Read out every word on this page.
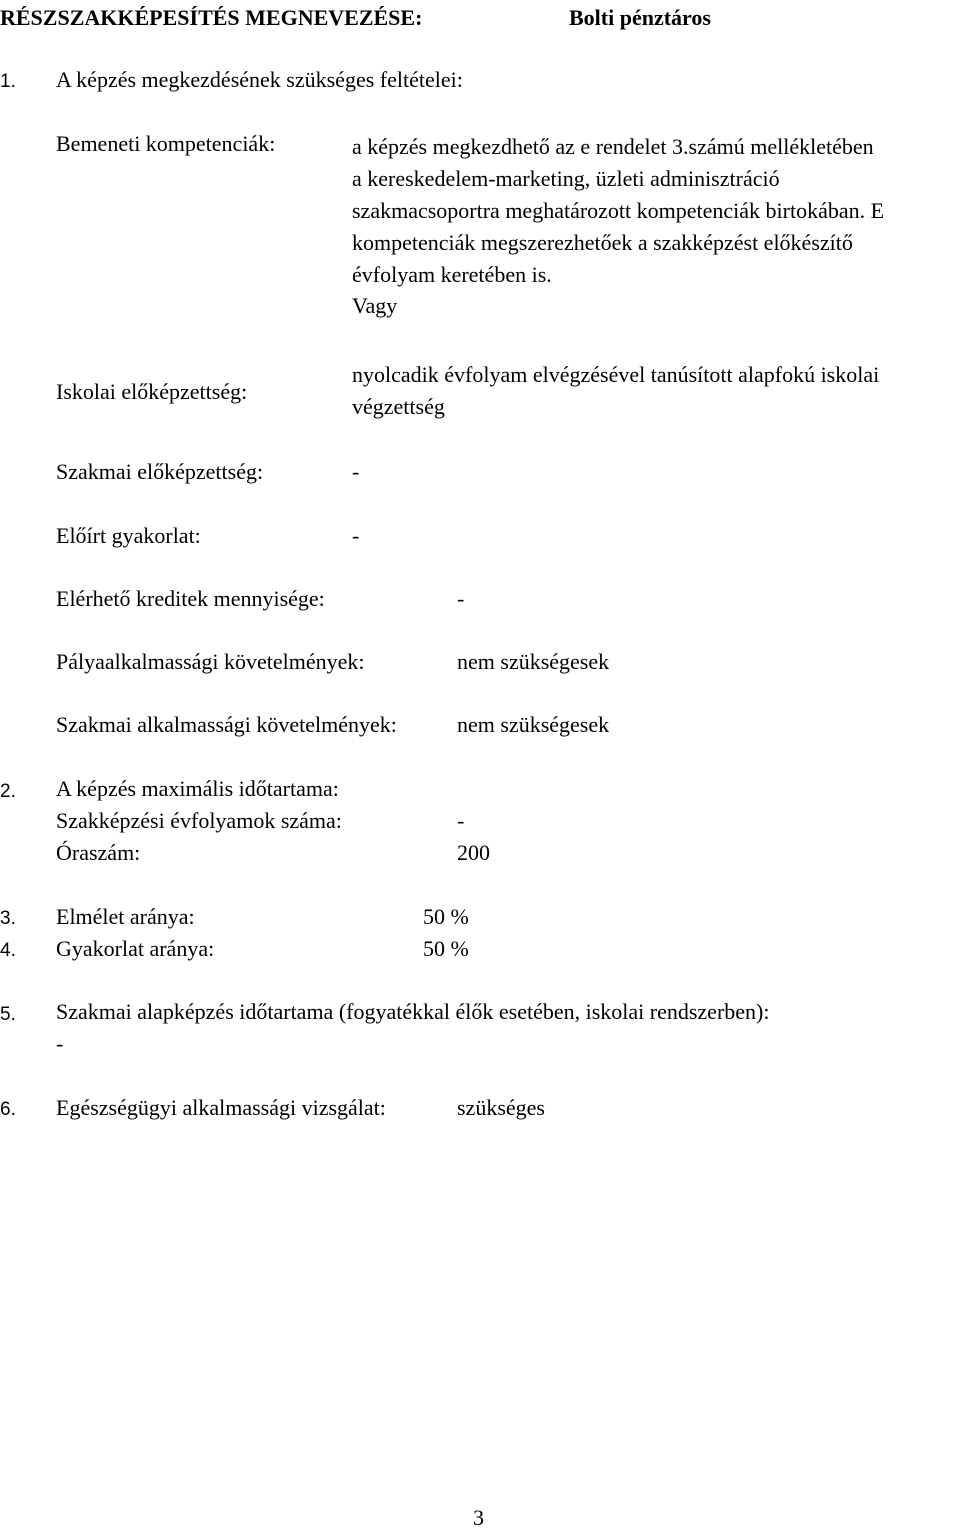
RÉSZSZAKKÉPESÍTÉS MEGNEVEZÉSE:	Bolti pénztáros
1. A képzés megkezdésének szükséges feltételei:
Bemeneti kompetenciák:	a képzés megkezdhető az e rendelet 3.számú mellékletében
a kereskedelem-marketing, üzleti adminisztráció
szakmacsoportra meghatározott kompetenciák birtokában. E
kompetenciák megszerezhetőek a szakképzést előkészítő
évfolyam keretében is.
Vagy
Iskolai előképzettség:
nyolcadik évfolyam elvégzésével tanúsított alapfokú iskolai
végzettség
Szakmai előképzettség:	-
Előírt gyakorlat:	-
Elérhető kreditek mennyisége:	-
Pályaalkalmassági követelmények:	nem szükségesek
Szakmai alkalmassági követelmények:	nem szükségesek
2. A képzés maximális időtartama:
Szakképzési évfolyamok száma:	-
Óraszám:	200
3. Elmélet aránya:	50 %
4. Gyakorlat aránya:	50 %
5. Szakmai alapképzés időtartama (fogyatékkal élők esetében, iskolai rendszerben):
-
6. Egészségügyi alkalmassági vizsgálat:	szükséges
3
